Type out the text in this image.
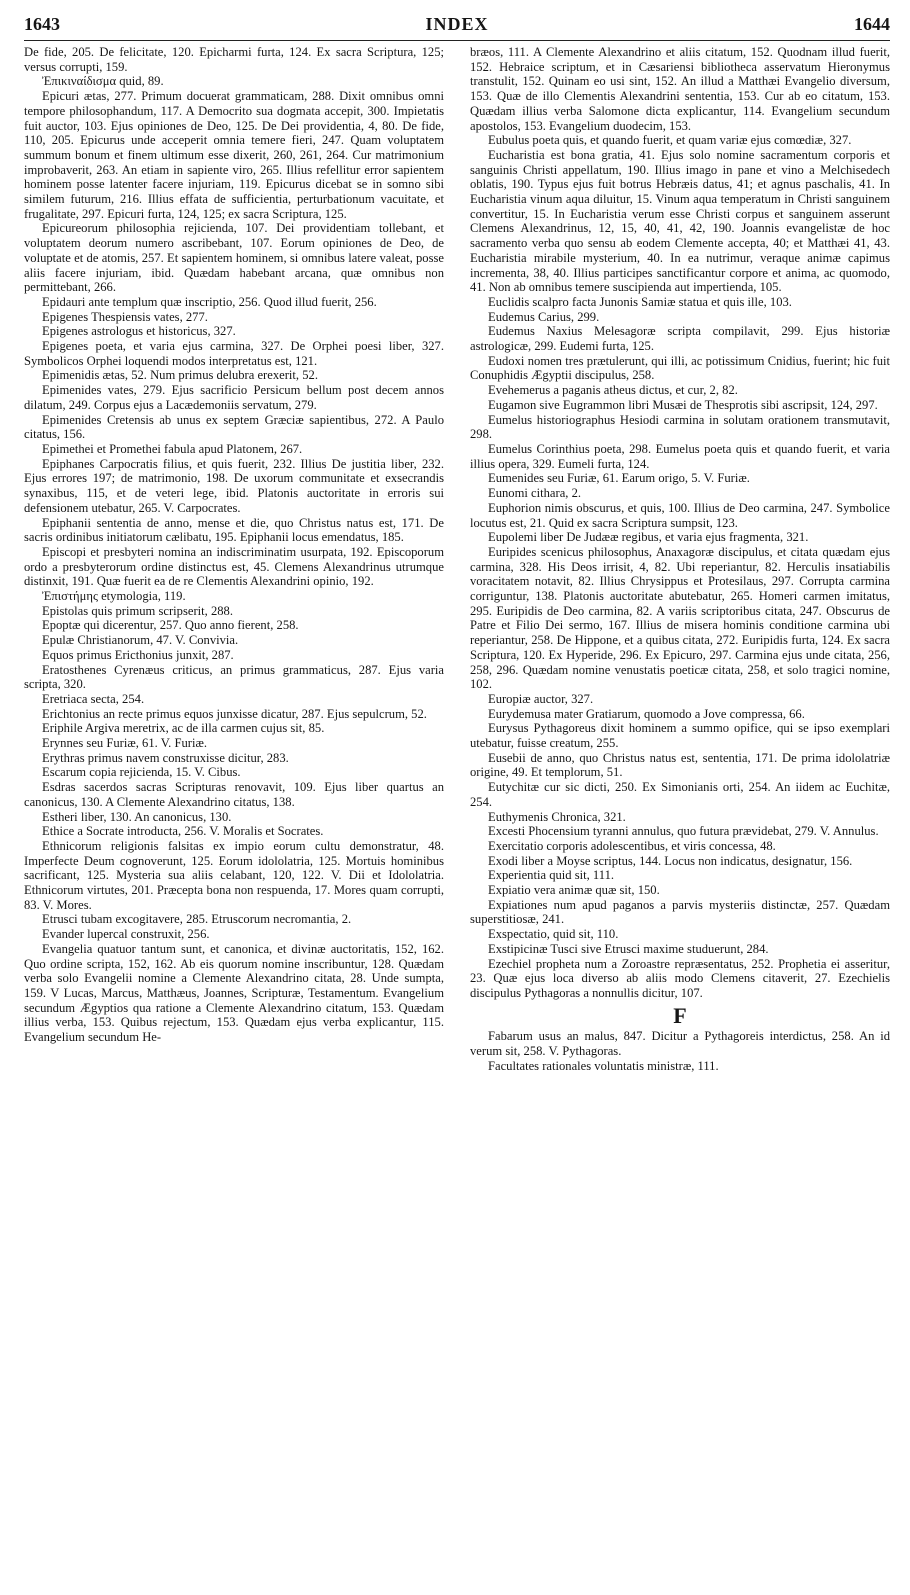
1643	INDEX	1644

De fide, 205. De felicitate, 120. Epicharmi furta, 124. Ex sacra Scriptura, 125; versus corrupti, 159.

Ἐπικιναίδισμα quid, 89.

Epicuri ætas, 277. Primum docuerat grammaticam, 288. Dixit omnibus omni tempore philosophandum, 117. A Democrito sua dogmata accepit, 300. Impietatis fuit auctor, 103. Ejus opiniones de Deo, 125. De Dei providentia, 4, 80. De fide, 110, 205. Epicurus unde acceperit omnia temere fieri, 247. Quam voluptatem summum bonum et finem ultimum esse dixerit, 260, 261, 264. Cur matrimonium improbaverit, 263. An etiam in sapiente viro, 265. Illius refellitur error sapientem hominem posse latenter facere injuriam, 119. Epicurus dicebat se in somno sibi similem futurum, 216. Illius effata de sufficientia, perturbationum vacuitate, et frugalitate, 297. Epicuri furta, 124, 125; ex sacra Scriptura, 125.

Epicureorum philosophia rejicienda, 107. Dei providentiam tollebant, et voluptatem deorum numero ascribebant, 107. Eorum opiniones de Deo, de voluptate et de atomis, 257. Et sapientem hominem, si omnibus latere valeat, posse aliis facere injuriam, ibid. Quædam habebant arcana, quæ omnibus non permittebant, 266.

Epidauri ante templum quæ inscriptio, 256. Quod illud fuerit, 256.

Epigenes Thespiensis vates, 277.

Epigenes astrologus et historicus, 327.

Epigenes poeta, et varia ejus carmina, 327. De Orphei poesi liber, 327. Symbolicos Orphei loquendi modos interpretatus est, 121.

Epimenidis ætas, 52. Num primus delubra erexerit, 52.

Epimenides vates, 279. Ejus sacrificio Persicum bellum post decem annos dilatum, 249. Corpus ejus a Lacædemoniis servatum, 279.

Epimenides Cretensis ab unus ex septem Græciæ sapientibus, 272. A Paulo citatus, 156.

Epimethei et Promethei fabula apud Platonem, 267.

Epiphanes Carpocratis filius, et quis fuerit, 232. Illius De justitia liber, 232. Ejus errores 197; de matrimonio, 198. De uxorum communitate et exsecrandis synaxibus, 115, et de veteri lege, ibid. Platonis auctoritate in erroris sui defensionem utebatur, 265. V. Carpocrates.

Epiphanii sententia de anno, mense et die, quo Christus natus est, 171. De sacris ordinibus initiatorum cælibatu, 195. Epiphanii locus emendatus, 185.

Episcopi et presbyteri nomina an indiscriminatim usurpata, 192. Episcoporum ordo a presbyterorum ordine distinctus est, 45. Clemens Alexandrinus utrumque distinxit, 191. Quæ fuerit ea de re Clementis Alexandrini opinio, 192.

Ἐπιστήμης etymologia, 119.

Epistolas quis primum scripserit, 288.

Epoptæ qui dicerentur, 257. Quo anno fierent, 258.

Epulæ Christianorum, 47. V. Convivia.

Equos primus Ericthonius junxit, 287.

Eratosthenes Cyrenæus criticus, an primus grammaticus, 287. Ejus varia scripta, 320.

Eretriaca secta, 254.

Erichtonius an recte primus equos junxisse dicatur, 287. Ejus sepulcrum, 52.

Eriphile Argiva meretrix, ac de illa carmen cujus sit, 85.

Erynnes seu Furiæ, 61. V. Furiæ.

Erythras primus navem construxisse dicitur, 283.

Escarum copia rejicienda, 15. V. Cibus.

Esdras sacerdos sacras Scripturas renovavit, 109. Ejus liber quartus an canonicus, 130. A Clemente Alexandrino citatus, 138.

Estheri liber, 130. An canonicus, 130.

Ethice a Socrate introducta, 256. V. Moralis et Socrates.

Ethnicorum religionis falsitas ex impio eorum cultu demonstratur, 48. Imperfecte Deum cognoverunt, 125. Eorum idololatria, 125. Mortuis hominibus sacrificant, 125. Mysteria sua aliis celabant, 120, 122. V. Dii et Idololatria. Ethnicorum virtutes, 201. Præcepta bona non respuenda, 17. Mores quam corrupti, 83. V. Mores.

Etrusci tubam excogitavere, 285. Etruscorum necromantia, 2.

Evander lupercal construxit, 256.

Evangelia quatuor tantum sunt, et canonica, et divinæ auctoritatis, 152, 162. Quo ordine scripta, 152, 162. Ab eis quorum nomine inscribuntur, 128. Quædam verba solo Evangelii nomine a Clemente Alexandrino citata, 28. Unde sumpta, 159. V Lucas, Marcus, Matthæus, Joannes, Scripturæ, Testamentum. Evangelium secundum Ægyptios qua ratione a Clemente Alexandrino citatum, 153. Quædam illius verba, 153. Quibus rejectum, 153. Quædam ejus verba explicantur, 115. Evangelium secundum He-

bræos, 111. A Clemente Alexandrino et aliis citatum, 152. Quodnam illud fuerit, 152. Hebraice scriptum, et in Cæsariensi bibliotheca asservatum Hieronymus transtulit, 152. Quinam eo usi sint, 152. An illud a Matthæi Evangelio diversum, 153. Quæ de illo Clementis Alexandrini sententia, 153. Cur ab eo citatum, 153. Quædam illius verba Salomone dicta explicantur, 114. Evangelium secundum apostolos, 153. Evangelium duodecim, 153.

Eubulus poeta quis, et quando fuerit, et quam variæ ejus comœdiæ, 327.

Eucharistia est bona gratia, 41. Ejus solo nomine sacramentum corporis et sanguinis Christi appellatum, 190. Illius imago in pane et vino a Melchisedech oblatis, 190. Typus ejus fuit botrus Hebræis datus, 41; et agnus paschalis, 41. In Eucharistia vinum aqua diluitur, 15. Vinum aqua temperatum in Christi sanguinem convertitur, 15. In Eucharistia verum esse Christi corpus et sanguinem asserunt Clemens Alexandrinus, 12, 15, 40, 41, 42, 190. Joannis evangelistæ de hoc sacramento verba quo sensu ab eodem Clemente accepta, 40; et Matthæi 41, 43. Eucharistia mirabile mysterium, 40. In ea nutrimur, veraque animæ capimus incrementa, 38, 40. Illius participes sanctificantur corpore et anima, ac quomodo, 41. Non ab omnibus temere suscipienda aut impertienda, 105.

Euclidis scalpro facta Junonis Samiæ statua et quis ille, 103.

Eudemus Carius, 299.

Eudemus Naxius Melesagoræ scripta compilavit, 299. Ejus historiæ astrologicæ, 299. Eudemi furta, 125.

Eudoxi nomen tres prætulerunt, qui illi, ac potissimum Cnidius, fuerint; hic fuit Conuphidis Ægyptii discipulus, 258.

Evehemerus a paganis atheus dictus, et cur, 2, 82.

Eugamon sive Eugrammon libri Musæi de Thesprotis sibi ascripsit, 124, 297.

Eumelus historiographus Hesiodi carmina in solutam orationem transmutavit, 298.

Eumelus Corinthius poeta, 298. Eumelus poeta quis et quando fuerit, et varia illius opera, 329. Eumeli furta, 124.

Eumenides seu Furiæ, 61. Earum origo, 5. V. Furiæ.

Eunomi cithara, 2.

Euphorion nimis obscurus, et quis, 100. Illius de Deo carmina, 247. Symbolice locutus est, 21. Quid ex sacra Scriptura sumpsit, 123.

Eupolemi liber De Judææ regibus, et varia ejus fragmenta, 321.

Euripides scenicus philosophus, Anaxagoræ discipulus, et citata quædam ejus carmina, 328. His Deos irrisit, 4, 82. Ubi reperiantur, 82. Herculis insatiabilis voracitatem notavit, 82. Illius Chrysippus et Protesilaus, 297. Corrupta carmina corriguntur, 138. Platonis auctoritate abutebatur, 265. Homeri carmen imitatus, 295. Euripidis de Deo carmina, 82. A variis scriptoribus citata, 247. Obscurus de Patre et Filio Dei sermo, 167. Illius de misera hominis conditione carmina ubi reperiantur, 258. De Hippone, et a quibus citata, 272. Euripidis furta, 124. Ex sacra Scriptura, 120. Ex Hyperide, 296. Ex Epicuro, 297. Carmina ejus unde citata, 256, 258, 296. Quædam nomine venustatis poeticæ citata, 258, et solo tragici nomine, 102.

Europiæ auctor, 327.

Eurydemusa mater Gratiarum, quomodo a Jove compressa, 66.

Eurysus Pythagoreus dixit hominem a summo opifice, qui se ipso exemplari utebatur, fuisse creatum, 255.

Eusebii de anno, quo Christus natus est, sententia, 171. De prima idololatriæ origine, 49. Et templorum, 51.

Eutychitæ cur sic dicti, 250. Ex Simonianis orti, 254. An iidem ac Euchitæ, 254.

Euthymenis Chronica, 321.

Excesti Phocensium tyranni annulus, quo futura prævidebat, 279. V. Annulus.

Exercitatio corporis adolescentibus, et viris concessa, 48.

Exodi liber a Moyse scriptus, 144. Locus non indicatus, designatur, 156.

Experientia quid sit, 111.

Expiatio vera animæ quæ sit, 150.

Expiationes num apud paganos a parvis mysteriis distinctæ, 257. Quædam superstitiosæ, 241.

Exspectatio, quid sit, 110.

Exstipicinæ Tusci sive Etrusci maxime studuerunt, 284.

Ezechiel propheta num a Zoroastre repræsentatus, 252. Prophetia ei asseritur, 23. Quæ ejus loca diverso ab aliis modo Clemens citaverit, 27. Ezechielis discipulus Pythagoras a nonnullis dicitur, 107.

F

Fabarum usus an malus, 847. Dicitur a Pythagoreis interdictus, 258. An id verum sit, 258. V. Pythagoras.

Facultates rationales voluntatis ministræ, 111.
